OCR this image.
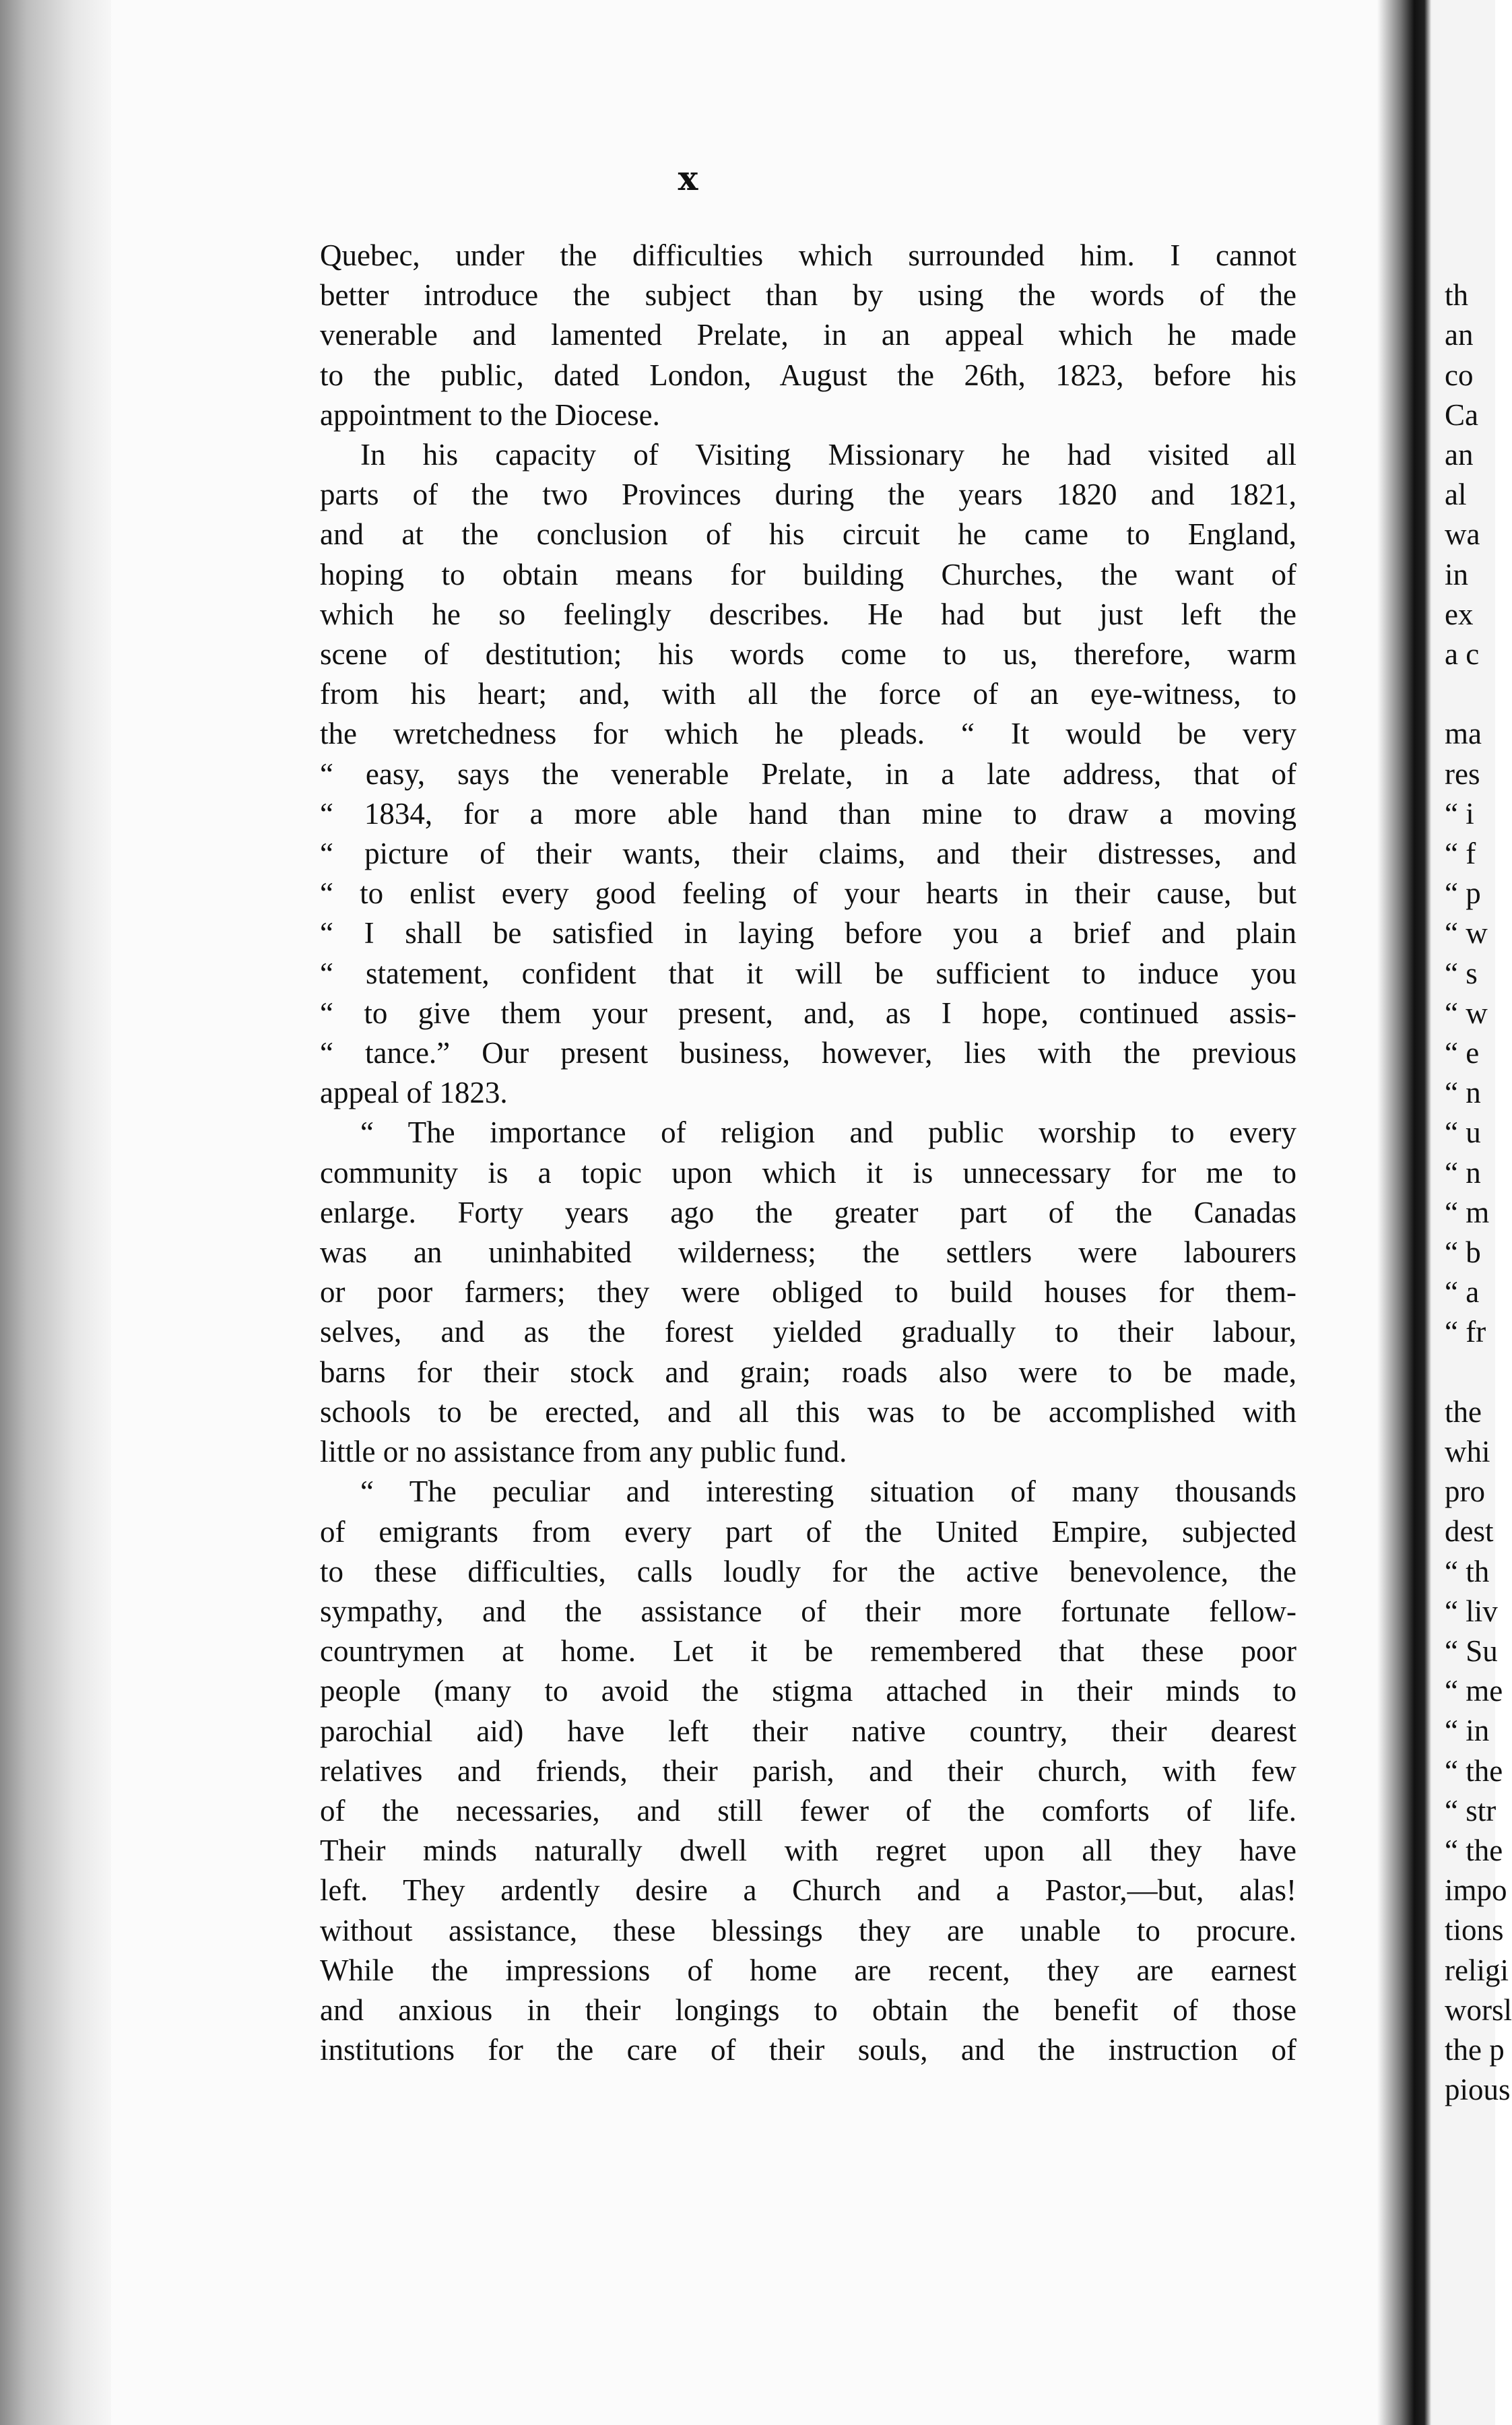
th
an
co
Ca
an
al
wa
in
ex
a c
ma
res
“ i
“ f
“ p
“ w
“ s
“ w
“ e
“ n
“ u
“ n
“ m
“ b
“ a
“ fr
the
whi
pro
dest
“ th
“ liv
“ Su
“ me
“ in
“ the
“ str
“ the
impo
tions
religi
worsl
the p
pious
x
Quebec, under the difficulties which surrounded him. I cannot
better introduce the subject than by using the words of the
venerable and lamented Prelate, in an appeal which he made
to the public, dated London, August the 26th, 1823, before his
appointment to the Diocese.
In his capacity of Visiting Missionary he had visited all
parts of the two Provinces during the years 1820 and 1821,
and at the conclusion of his circuit he came to England,
hoping to obtain means for building Churches, the want of
which he so feelingly describes. He had but just left the
scene of destitution; his words come to us, therefore, warm
from his heart; and, with all the force of an eye-witness, to
the wretchedness for which he pleads. “ It would be very
“ easy, says the venerable Prelate, in a late address, that of
“ 1834, for a more able hand than mine to draw a moving
“ picture of their wants, their claims, and their distresses, and
“ to enlist every good feeling of your hearts in their cause, but
“ I shall be satisfied in laying before you a brief and plain
“ statement, confident that it will be sufficient to induce you
“ to give them your present, and, as I hope, continued assis-
“ tance.” Our present business, however, lies with the previous
appeal of 1823.
“ The importance of religion and public worship to every
community is a topic upon which it is unnecessary for me to
enlarge. Forty years ago the greater part of the Canadas
was an uninhabited wilderness; the settlers were labourers
or poor farmers; they were obliged to build houses for them-
selves, and as the forest yielded gradually to their labour,
barns for their stock and grain; roads also were to be made,
schools to be erected, and all this was to be accomplished with
little or no assistance from any public fund.
“ The peculiar and interesting situation of many thousands
of emigrants from every part of the United Empire, subjected
to these difficulties, calls loudly for the active benevolence, the
sympathy, and the assistance of their more fortunate fellow-
countrymen at home. Let it be remembered that these poor
people (many to avoid the stigma attached in their minds to
parochial aid) have left their native country, their dearest
relatives and friends, their parish, and their church, with few
of the necessaries, and still fewer of the comforts of life.
Their minds naturally dwell with regret upon all they have
left. They ardently desire a Church and a Pastor,—but, alas!
without assistance, these blessings they are unable to procure.
While the impressions of home are recent, they are earnest
and anxious in their longings to obtain the benefit of those
institutions for the care of their souls, and the instruction of
